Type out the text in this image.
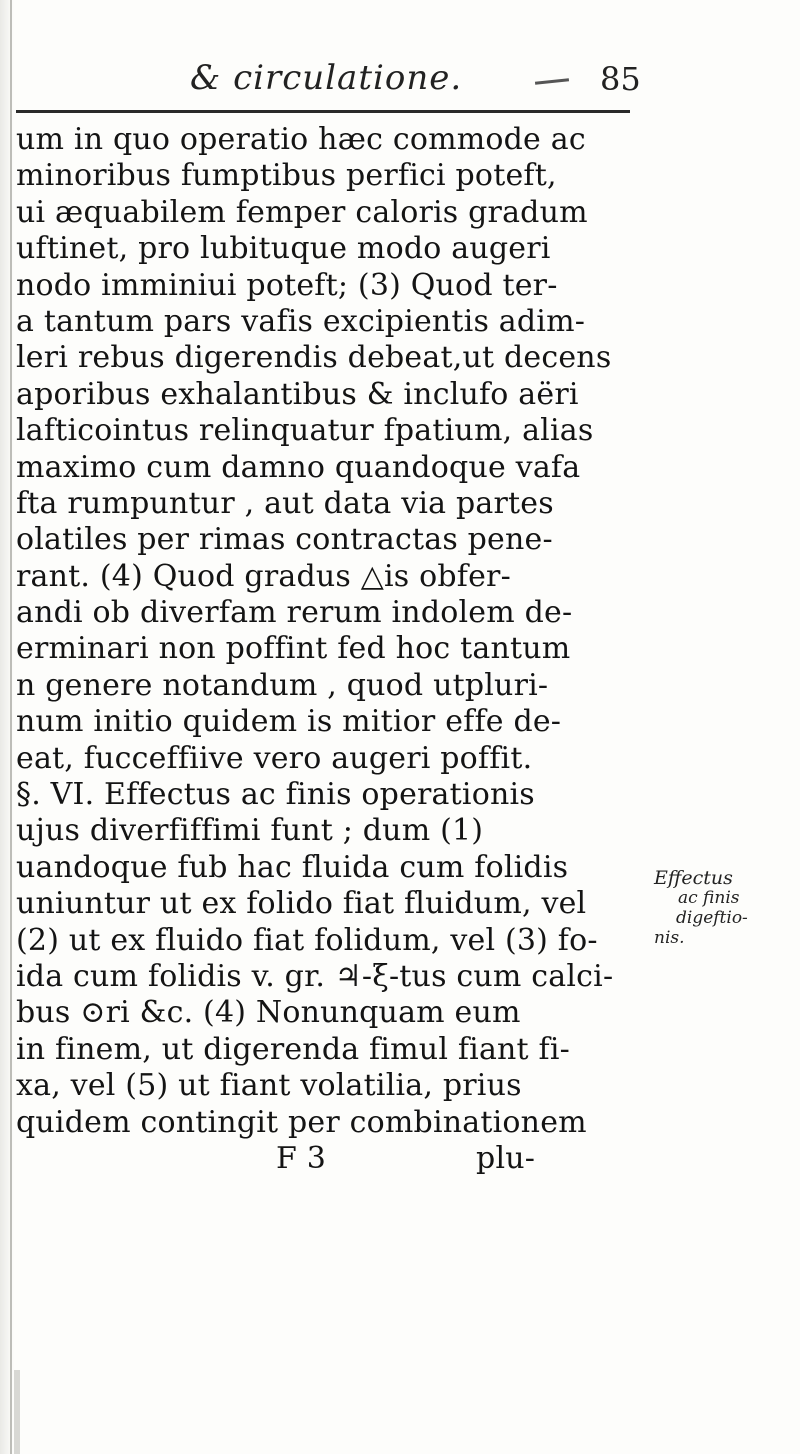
& circulatione.	85
um in quo operatio hæc commode ac
minoribus fumptibus perfici poteft,
ui æquabilem femper caloris gradum
uftinet, pro lubituque modo augeri
nodo imminiui poteft; (3) Quod ter-
a tantum pars vafis excipientis adim-
leri rebus digerendis debeat,ut decens
aporibus exhalantibus & inclufo aëri
lafticointus relinquatur fpatium, alias
maximo cum damno quandoque vafa
fta rumpuntur , aut data via partes
olatiles per rimas contractas pene-
rant. (4) Quod gradus △is obfer-
andi ob diverfam rerum indolem de-
erminari non poffint fed hoc tantum
n genere notandum , quod utpluri-
num initio quidem is mitior effe de-
eat, fucceffiive vero augeri poffit.
§. VI. Effectus ac finis operationis
ujus diverfiffimi funt ; dum (1)
uandoque fub hac fluida cum folidis
uniuntur ut ex folido fiat fluidum, vel
(2) ut ex fluido fiat folidum, vel (3) fo-
ida cum folidis v. gr. ♃-ξ-tus cum calci-
bus ⊙ri &c. (4) Nonunquam eum
in finem, ut digerenda fimul fiant fi-
xa, vel (5) ut fiant volatilia, prius
quidem contingit per combinationem
F 3	plu-
Effectus
ac finis
digeftio-
nis.
